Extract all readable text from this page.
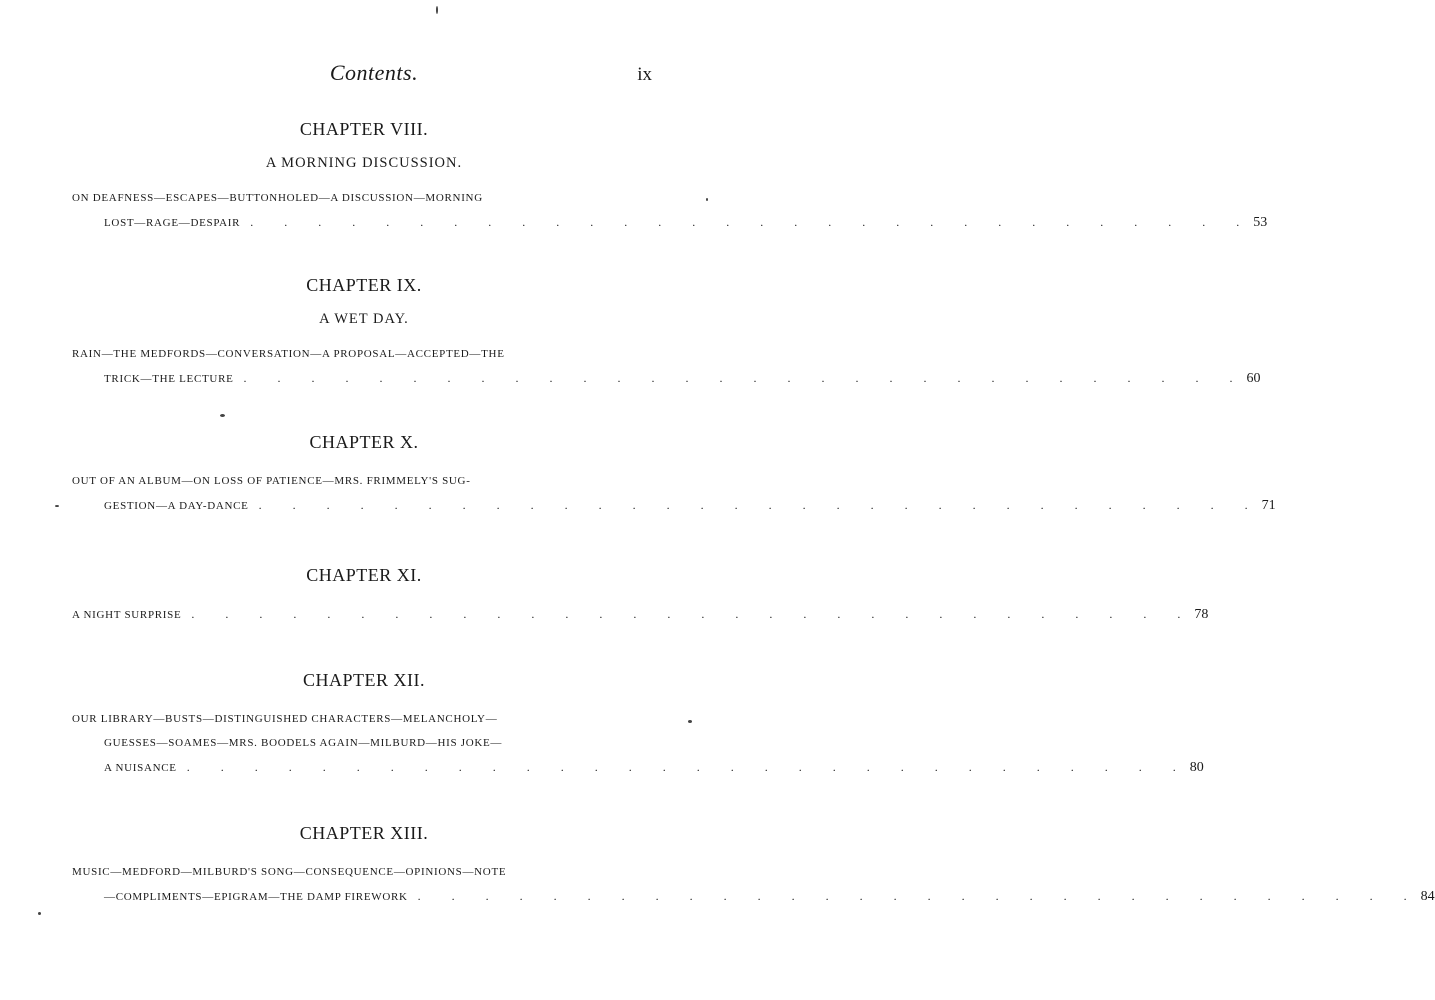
Contents.	ix
CHAPTER VIII.
A MORNING DISCUSSION.
ON DEAFNESS—ESCAPES—BUTTONHOLED—A DISCUSSION—MORNING
LOST—RAGE—DESPAIR . . . . . . . . . . . . . . . . . . . . . . . . . . . . . . 53
CHAPTER IX.
A WET DAY.
RAIN—THE MEDFORDS—CONVERSATION—A PROPOSAL—ACCEPTED—THE
TRICK—THE LECTURE . . . . . . . . . . . . . . . . . . . . . . . . . . . . . . 60
CHAPTER X.
OUT OF AN ALBUM—ON LOSS OF PATIENCE—MRS. FRIMMELY'S SUG-
GESTION—A DAY-DANCE . . . . . . . . . . . . . . . . . . . . . . . . . . . . . . 71
CHAPTER XI.
A NIGHT SURPRISE . . . . . . . . . . . . . . . . . . . . . . . . . . . . . . 78
CHAPTER XII.
OUR LIBRARY—BUSTS—DISTINGUISHED CHARACTERS—MELANCHOLY—
GUESSES—SOAMES—MRS. BOODELS AGAIN—MILBURD—HIS JOKE—
A NUISANCE . . . . . . . . . . . . . . . . . . . . . . . . . . . . . . 80
CHAPTER XIII.
MUSIC—MEDFORD—MILBURD'S SONG—CONSEQUENCE—OPINIONS—NOTE
—COMPLIMENTS—EPIGRAM—THE DAMP FIREWORK . . . . . . . . . . . . . . . . . . . . . . . . . . . . . . 84
